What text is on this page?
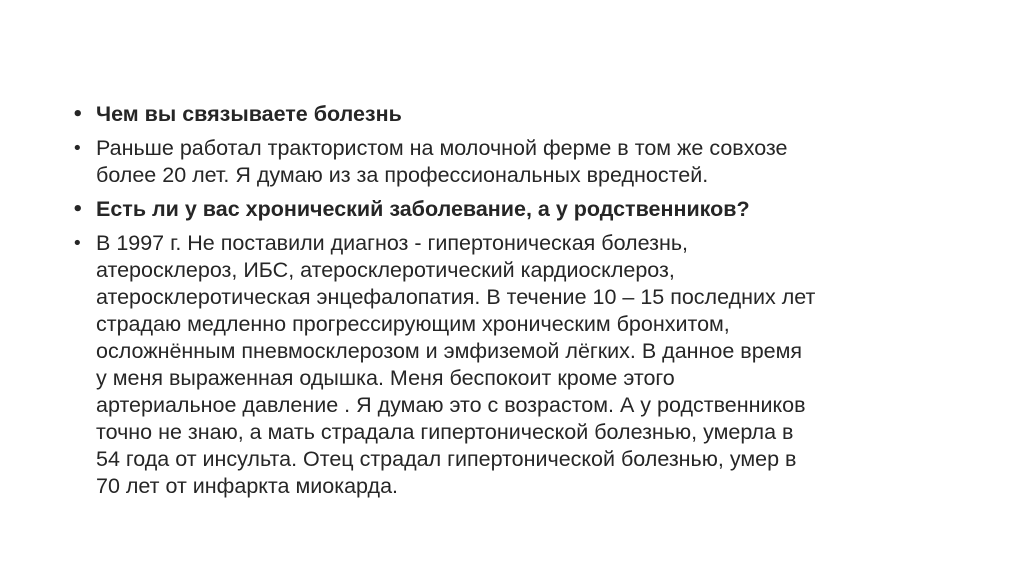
• Чем вы связываете болезнь
• Раньше работал трактористом на молочной ферме в том же совхозе
более 20 лет. Я думаю из за профессиональных вредностей.
• Есть ли у вас хронический заболевание, а у родственников?
• В 1997 г. Не поставили диагноз - гипертоническая болезнь,
атеросклероз, ИБС, атеросклеротический кардиосклероз,
атеросклеротическая энцефалопатия. В течение 10 – 15 последних лет
страдаю медленно прогрессирующим хроническим бронхитом,
осложнённым пневмосклерозом и эмфиземой лёгких. В данное время
у меня выраженная одышка. Меня беспокоит кроме этого
артериальное давление . Я думаю это с возрастом. А у родственников
точно не знаю, а мать страдала гипертонической болезнью, умерла в
54 года от инсульта. Отец страдал гипертонической болезнью, умер в
70 лет от инфаркта миокарда.
